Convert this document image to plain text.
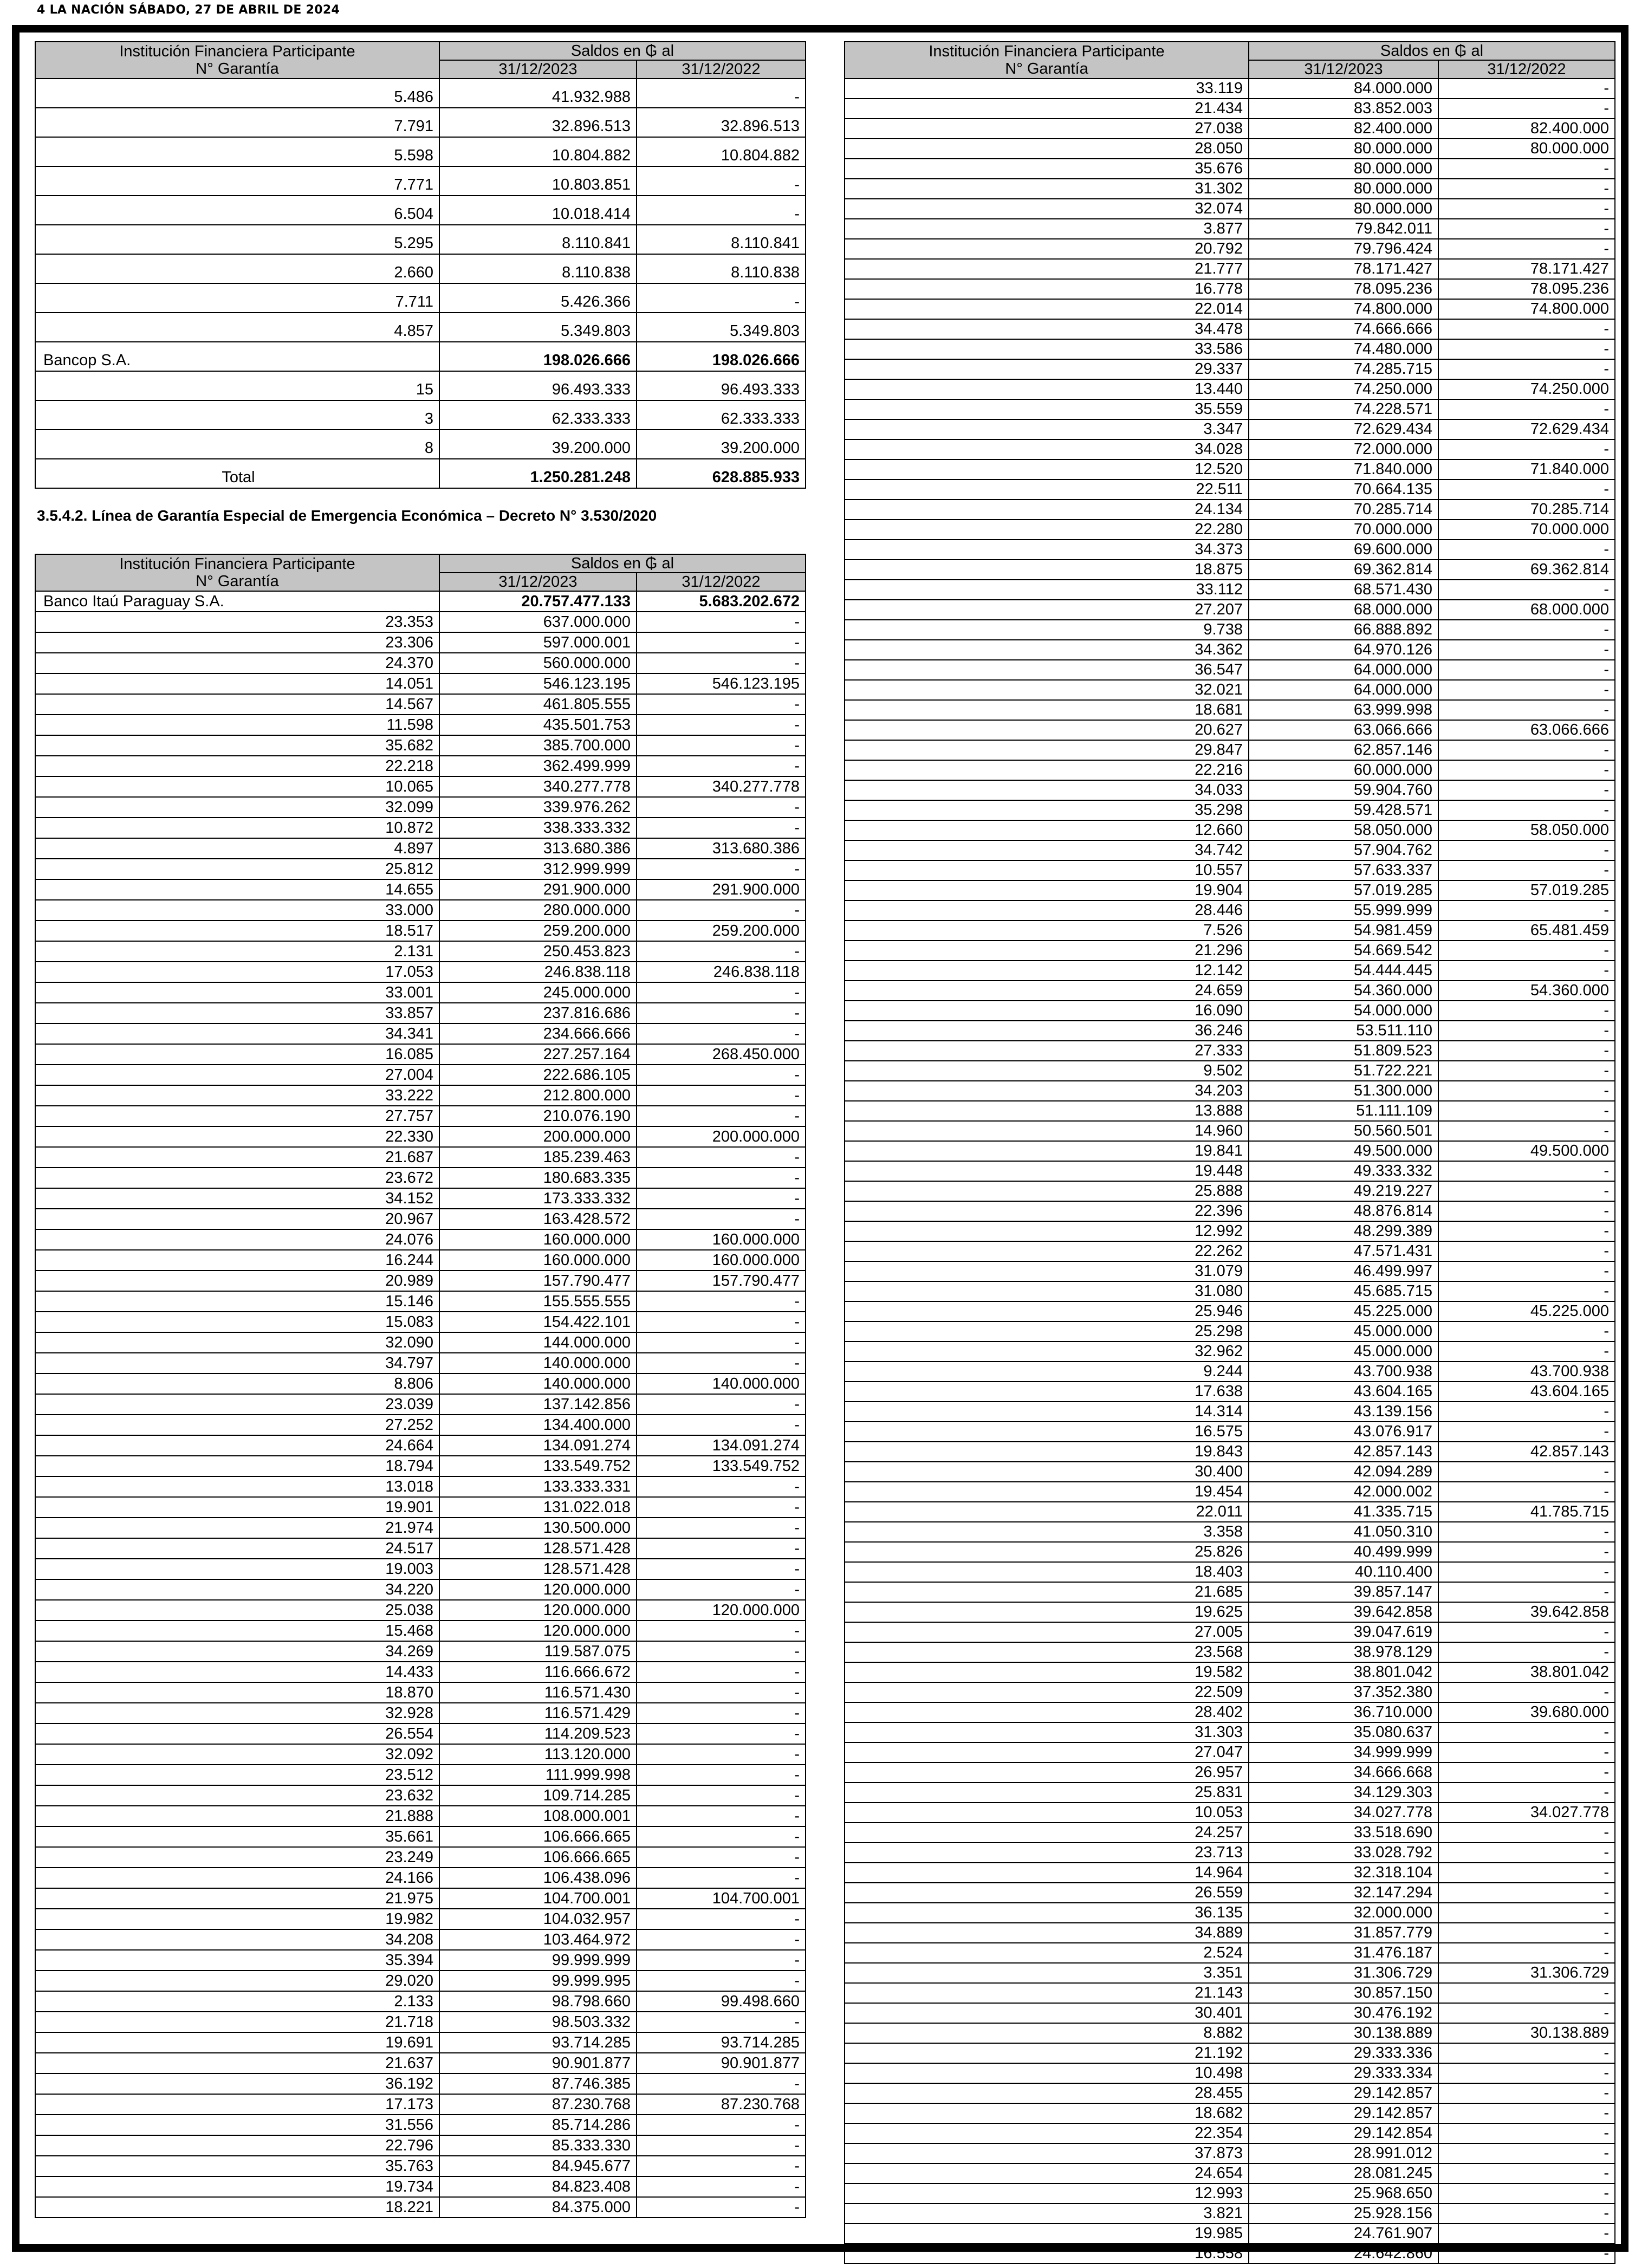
4 LA NACIÓN SÁBADO, 27 DE ABRIL DE 2024
Institución Financiera Participante
N° Garantía	Saldos en ₲ al	
	31/12/2023	31/12/2022
5.486	41.932.988	-
7.791	32.896.513	32.896.513
5.598	10.804.882	10.804.882
7.771	10.803.851	-
6.504	10.018.414	-
5.295	8.110.841	8.110.841
2.660	8.110.838	8.110.838
7.711	5.426.366	-
4.857	5.349.803	5.349.803
Bancop S.A.	198.026.666	198.026.666
15	96.493.333	96.493.333
3	62.333.333	62.333.333
8	39.200.000	39.200.000
Total	1.250.281.248	628.885.933
3.5.4.2. Línea de Garantía Especial de Emergencia Económica – Decreto N° 3.530/2020
Institución Financiera Participante
N° Garantía	Saldos en ₲ al	
	31/12/2023	31/12/2022
Banco Itaú Paraguay S.A.	20.757.477.133	5.683.202.672
23.353	637.000.000	-
23.306	597.000.001	-
24.370	560.000.000	-
14.051	546.123.195	546.123.195
14.567	461.805.555	-
11.598	435.501.753	-
35.682	385.700.000	-
22.218	362.499.999	-
10.065	340.277.778	340.277.778
32.099	339.976.262	-
10.872	338.333.332	-
4.897	313.680.386	313.680.386
25.812	312.999.999	-
14.655	291.900.000	291.900.000
33.000	280.000.000	-
18.517	259.200.000	259.200.000
2.131	250.453.823	-
17.053	246.838.118	246.838.118
33.001	245.000.000	-
33.857	237.816.686	-
34.341	234.666.666	-
16.085	227.257.164	268.450.000
27.004	222.686.105	-
33.222	212.800.000	-
27.757	210.076.190	-
22.330	200.000.000	200.000.000
21.687	185.239.463	-
23.672	180.683.335	-
34.152	173.333.332	-
20.967	163.428.572	-
24.076	160.000.000	160.000.000
16.244	160.000.000	160.000.000
20.989	157.790.477	157.790.477
15.146	155.555.555	-
15.083	154.422.101	-
32.090	144.000.000	-
34.797	140.000.000	-
8.806	140.000.000	140.000.000
23.039	137.142.856	-
27.252	134.400.000	-
24.664	134.091.274	134.091.274
18.794	133.549.752	133.549.752
13.018	133.333.331	-
19.901	131.022.018	-
21.974	130.500.000	-
24.517	128.571.428	-
19.003	128.571.428	-
34.220	120.000.000	-
25.038	120.000.000	120.000.000
15.468	120.000.000	-
34.269	119.587.075	-
14.433	116.666.672	-
18.870	116.571.430	-
32.928	116.571.429	-
26.554	114.209.523	-
32.092	113.120.000	-
23.512	111.999.998	-
23.632	109.714.285	-
21.888	108.000.001	-
35.661	106.666.665	-
23.249	106.666.665	-
24.166	106.438.096	-
21.975	104.700.001	104.700.001
19.982	104.032.957	-
34.208	103.464.972	-
35.394	99.999.999	-
29.020	99.999.995	-
2.133	98.798.660	99.498.660
21.718	98.503.332	-
19.691	93.714.285	93.714.285
21.637	90.901.877	90.901.877
36.192	87.746.385	-
17.173	87.230.768	87.230.768
31.556	85.714.286	-
22.796	85.333.330	-
35.763	84.945.677	-
19.734	84.823.408	-
18.221	84.375.000	-
Institución Financiera Participante
N° Garantía	Saldos en ₲ al	
	31/12/2023	31/12/2022
33.119	84.000.000	-
21.434	83.852.003	-
27.038	82.400.000	82.400.000
28.050	80.000.000	80.000.000
35.676	80.000.000	-
31.302	80.000.000	-
32.074	80.000.000	-
3.877	79.842.011	-
20.792	79.796.424	-
21.777	78.171.427	78.171.427
16.778	78.095.236	78.095.236
22.014	74.800.000	74.800.000
34.478	74.666.666	-
33.586	74.480.000	-
29.337	74.285.715	-
13.440	74.250.000	74.250.000
35.559	74.228.571	-
3.347	72.629.434	72.629.434
34.028	72.000.000	-
12.520	71.840.000	71.840.000
22.511	70.664.135	-
24.134	70.285.714	70.285.714
22.280	70.000.000	70.000.000
34.373	69.600.000	-
18.875	69.362.814	69.362.814
33.112	68.571.430	-
27.207	68.000.000	68.000.000
9.738	66.888.892	-
34.362	64.970.126	-
36.547	64.000.000	-
32.021	64.000.000	-
18.681	63.999.998	-
20.627	63.066.666	63.066.666
29.847	62.857.146	-
22.216	60.000.000	-
34.033	59.904.760	-
35.298	59.428.571	-
12.660	58.050.000	58.050.000
34.742	57.904.762	-
10.557	57.633.337	-
19.904	57.019.285	57.019.285
28.446	55.999.999	-
7.526	54.981.459	65.481.459
21.296	54.669.542	-
12.142	54.444.445	-
24.659	54.360.000	54.360.000
16.090	54.000.000	-
36.246	53.511.110	-
27.333	51.809.523	-
9.502	51.722.221	-
34.203	51.300.000	-
13.888	51.111.109	-
14.960	50.560.501	-
19.841	49.500.000	49.500.000
19.448	49.333.332	-
25.888	49.219.227	-
22.396	48.876.814	-
12.992	48.299.389	-
22.262	47.571.431	-
31.079	46.499.997	-
31.080	45.685.715	-
25.946	45.225.000	45.225.000
25.298	45.000.000	-
32.962	45.000.000	-
9.244	43.700.938	43.700.938
17.638	43.604.165	43.604.165
14.314	43.139.156	-
16.575	43.076.917	-
19.843	42.857.143	42.857.143
30.400	42.094.289	-
19.454	42.000.002	-
22.011	41.335.715	41.785.715
3.358	41.050.310	-
25.826	40.499.999	-
18.403	40.110.400	-
21.685	39.857.147	-
19.625	39.642.858	39.642.858
27.005	39.047.619	-
23.568	38.978.129	-
19.582	38.801.042	38.801.042
22.509	37.352.380	-
28.402	36.710.000	39.680.000
31.303	35.080.637	-
27.047	34.999.999	-
26.957	34.666.668	-
25.831	34.129.303	-
10.053	34.027.778	34.027.778
24.257	33.518.690	-
23.713	33.028.792	-
14.964	32.318.104	-
26.559	32.147.294	-
36.135	32.000.000	-
34.889	31.857.779	-
2.524	31.476.187	-
3.351	31.306.729	31.306.729
21.143	30.857.150	-
30.401	30.476.192	-
8.882	30.138.889	30.138.889
21.192	29.333.336	-
10.498	29.333.334	-
28.455	29.142.857	-
18.682	29.142.857	-
22.354	29.142.854	-
37.873	28.991.012	-
24.654	28.081.245	-
12.993	25.968.650	-
3.821	25.928.156	-
19.985	24.761.907	-
16.558	24.642.860	-
